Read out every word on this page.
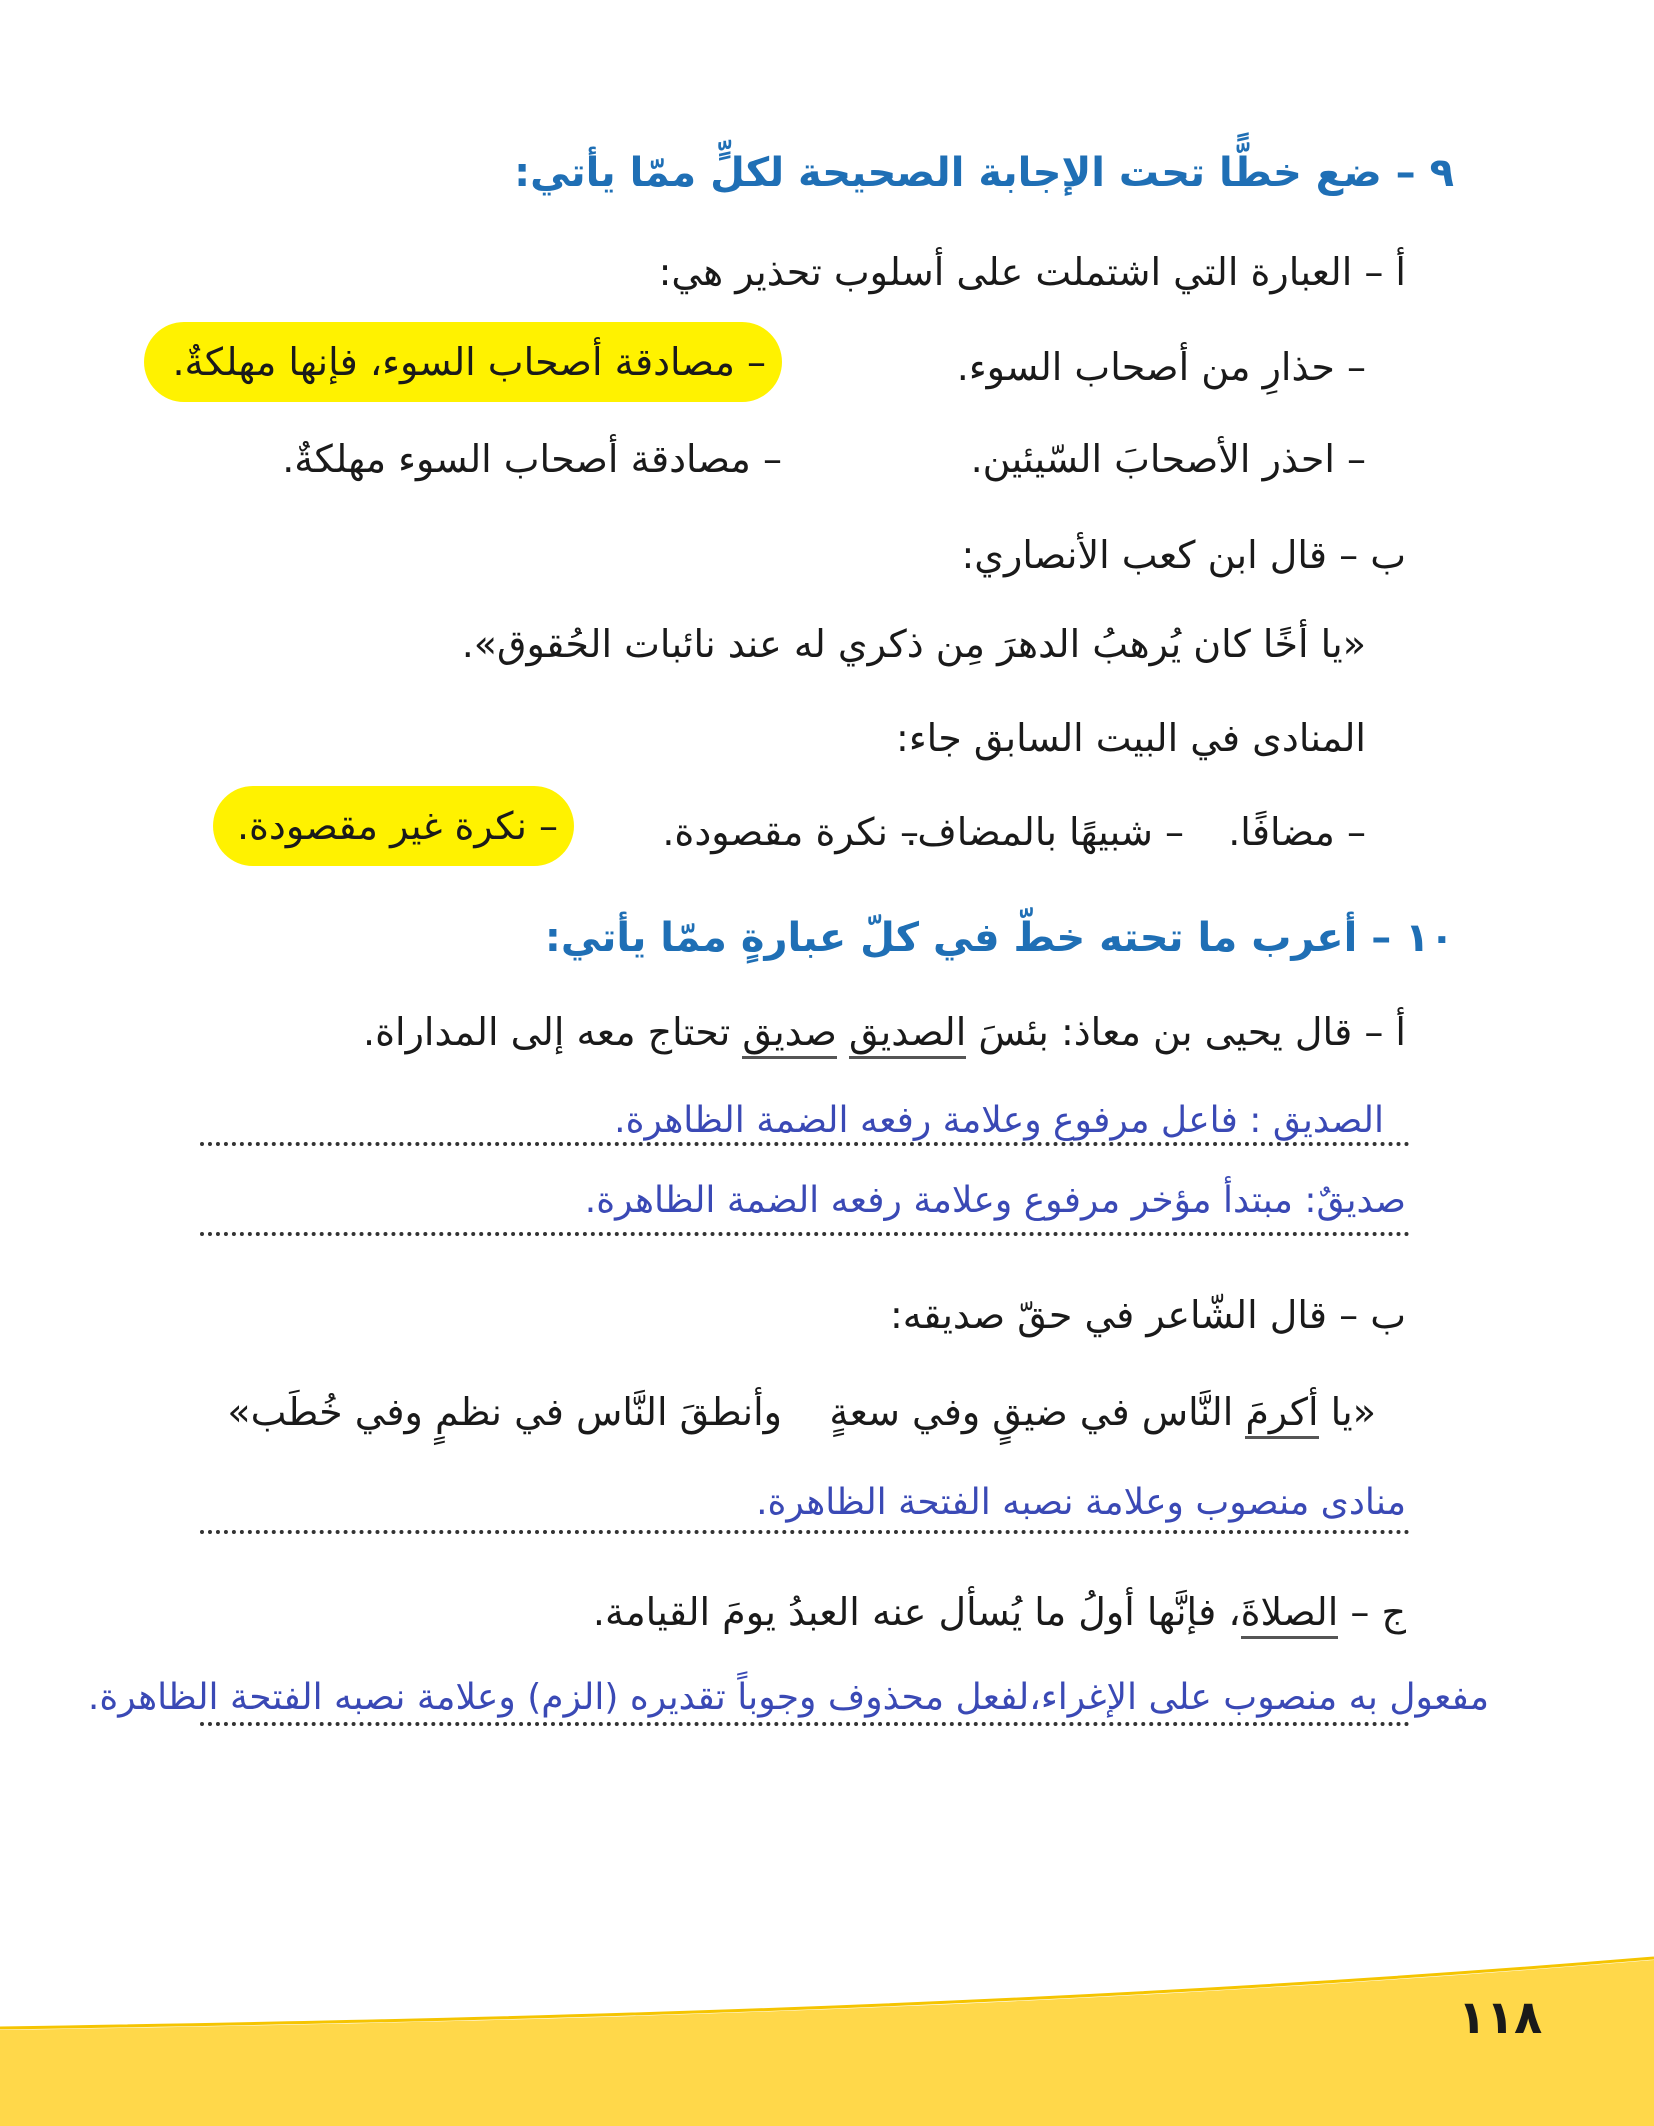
٩ – ضع خطًّا تحت الإجابة الصحيحة لكلٍّ ممّا يأتي:
أ – العبارة التي اشتملت على أسلوب تحذير هي:
– حذارِ من أصحاب السوء.
– مصادقة أصحاب السوء، فإنها مهلكةٌ.
– احذر الأصحابَ السّيئين.
– مصادقة أصحاب السوء مهلكةٌ.
ب – قال ابن كعب الأنصاري:
«يا أخًا كان يُرهبُ الدهرَ مِن ذكري له عند نائبات الحُقوق».
المنادى في البيت السابق جاء:
– مضافًا.
– شبيهًا بالمضاف.
– نكرة مقصودة.
– نكرة غير مقصودة.
١٠ – أعرب ما تحته خطّ في كلّ عبارةٍ ممّا يأتي:
أ – قال يحيى بن معاذ: بئسَ الصديق صديق تحتاج معه إلى المداراة.
الصديق : فاعل مرفوع وعلامة رفعه الضمة الظاهرة.
صديقٌ: مبتدأ مؤخر مرفوع وعلامة رفعه الضمة الظاهرة.
ب – قال الشّاعر في حقّ صديقه:
«يا أكرمَ النَّاس في ضيقٍ وفي سعةٍ
وأنطقَ النَّاس في نظمٍ وفي خُطَب»
منادى منصوب وعلامة نصبه الفتحة الظاهرة.
ج – الصلاةَ، فإنَّها أولُ ما يُسأل عنه العبدُ يومَ القيامة.
مفعول به منصوب على الإغراء،لفعل محذوف وجوباً تقديره (الزم) وعلامة نصبه الفتحة الظاهرة.
١١٨
